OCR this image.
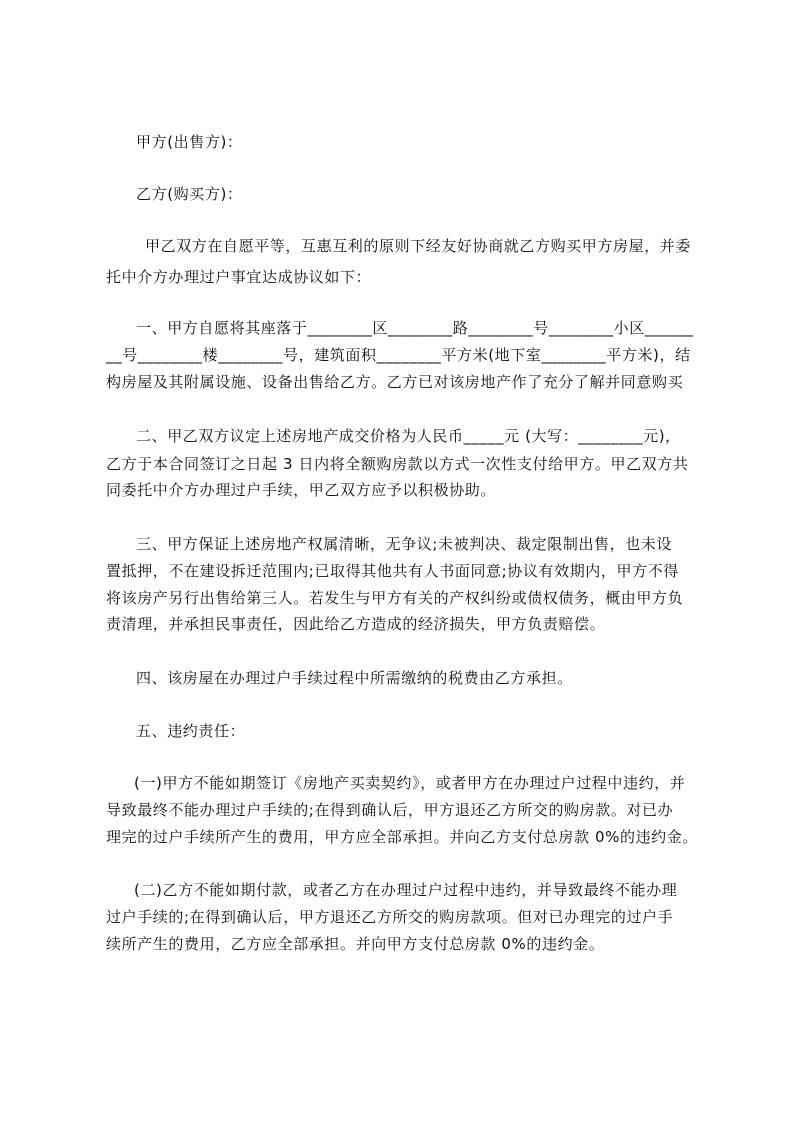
甲方(出售方)：
乙方(购买方)：
甲乙双方在自愿平等，互惠互利的原则下经友好协商就乙方购买甲方房屋，并委
托中介方办理过户事宜达成协议如下：
一、甲方自愿将其座落于________区________路________号________小区______
__号________楼________号，建筑面积________平方米(地下室________平方米)，结
构房屋及其附属设施、设备出售给乙方。乙方已对该房地产作了充分了解并同意购买
二、甲乙双方议定上述房地产成交价格为人民币_____元 (大写：________元)，
乙方于本合同签订之日起 3 日内将全额购房款以方式一次性支付给甲方。甲乙双方共
同委托中介方办理过户手续，甲乙双方应予以积极协助。
三、甲方保证上述房地产权属清晰，无争议;未被判决、裁定限制出售，也未设
置抵押，不在建设拆迁范围内;已取得其他共有人书面同意;协议有效期内，甲方不得
将该房产另行出售给第三人。若发生与甲方有关的产权纠纷或债权债务，概由甲方负
责清理，并承担民事责任，因此给乙方造成的经济损失，甲方负责赔偿。
四、该房屋在办理过户手续过程中所需缴纳的税费由乙方承担。
五、违约责任：
(一)甲方不能如期签订《房地产买卖契约》，或者甲方在办理过户过程中违约，并
导致最终不能办理过户手续的;在得到确认后，甲方退还乙方所交的购房款。对已办
理完的过户手续所产生的费用，甲方应全部承担。并向乙方支付总房款 0%的违约金。
(二)乙方不能如期付款，或者乙方在办理过户过程中违约，并导致最终不能办理
过户手续的;在得到确认后，甲方退还乙方所交的购房款项。但对已办理完的过户手
续所产生的费用，乙方应全部承担。并向甲方支付总房款 0%的违约金。
